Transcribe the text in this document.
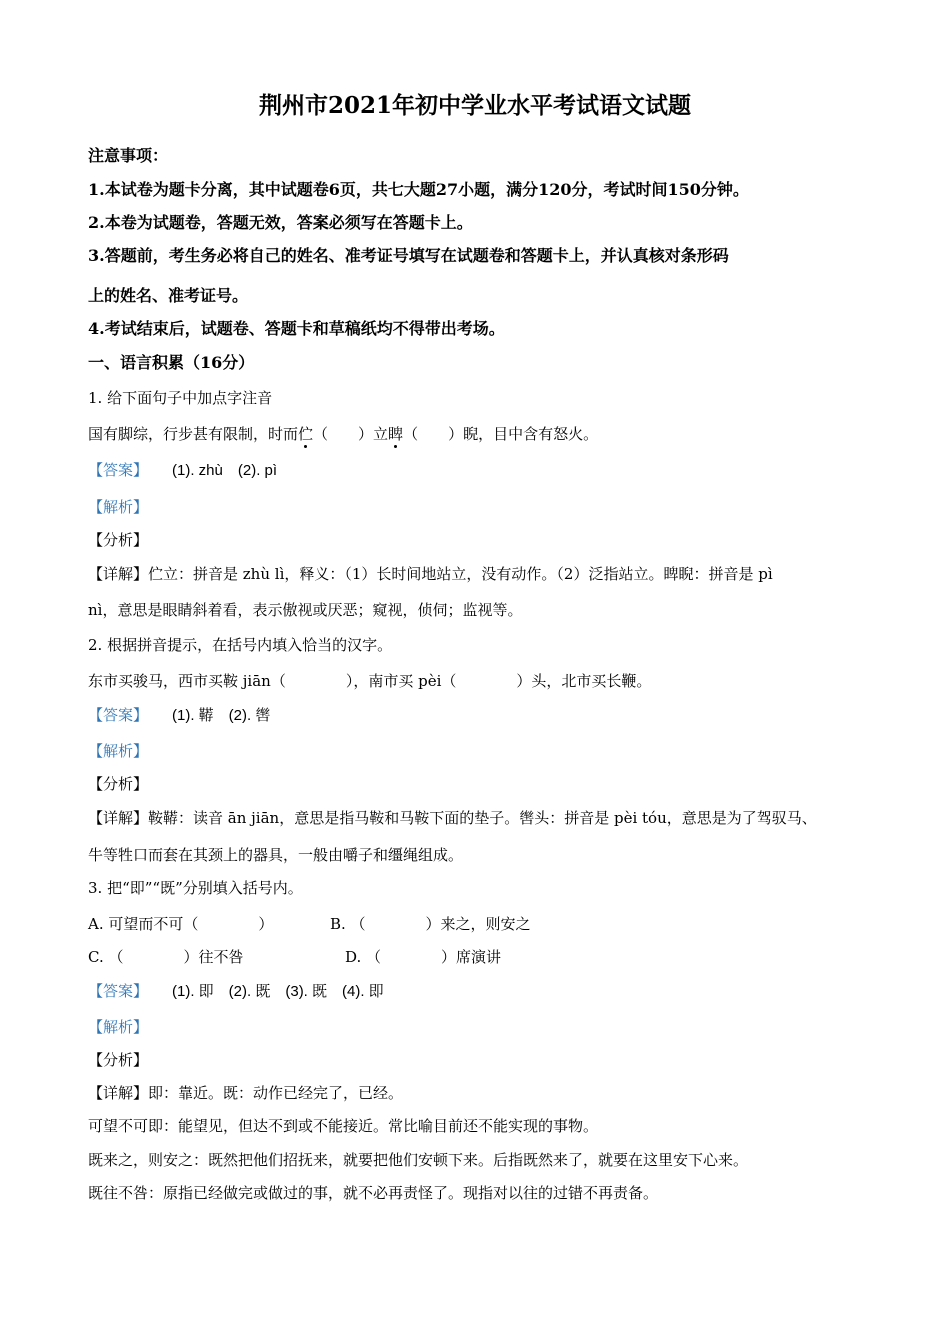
荆州市2021年初中学业水平考试语文试题
注意事项：
1.本试卷为题卡分离，其中试题卷6页，共七大题27小题，满分120分，考试时间150分钟。
2.本卷为试题卷，答题无效，答案必须写在答题卡上。
3.答题前，考生务必将自己的姓名、准考证号填写在试题卷和答题卡上，并认真核对条形码
上的姓名、准考证号。
4.考试结束后，试题卷、答题卡和草稿纸均不得带出考场。
一、语言积累（16分）
1. 给下面句子中加点字注音
国有脚综，行步甚有限制，时而伫（　　）立睥（　　）睨，目中含有怒火。
【答案】 (1). zhù　(2). pì
【解析】
【分析】
【详解】伫立：拼音是 zhù lì，释义：（1）长时间地站立，没有动作。（2）泛指站立。睥睨：拼音是 pì
nì，意思是眼睛斜着看，表示傲视或厌恶；窥视，侦伺；监视等。
2. 根据拼音提示，在括号内填入恰当的汉字。
东市买骏马，西市买鞍 jiān（　　　　），南市买 pèi（　　　　）头，北市买长鞭。
【答案】 (1). 鞯　(2). 辔
【解析】
【分析】
【详解】鞍鞯：读音 ān jiān，意思是指马鞍和马鞍下面的垫子。辔头：拼音是 pèi tóu，意思是为了驾驭马、
牛等牲口而套在其颈上的器具，一般由嚼子和缰绳组成。
3. 把“即”“既”分别填入括号内。
A. 可望而不可（　　　　）	B. （　　　　）来之，则安之
C. （　　　　）往不咎	D. （　　　　）席演讲
【答案】 (1). 即　(2). 既　(3). 既　(4). 即
【解析】
【分析】
【详解】即：靠近。既：动作已经完了，已经。
可望不可即：能望见，但达不到或不能接近。常比喻目前还不能实现的事物。
既来之，则安之：既然把他们招抚来，就要把他们安顿下来。后指既然来了，就要在这里安下心来。
既往不咎：原指已经做完或做过的事，就不必再责怪了。现指对以往的过错不再责备。
